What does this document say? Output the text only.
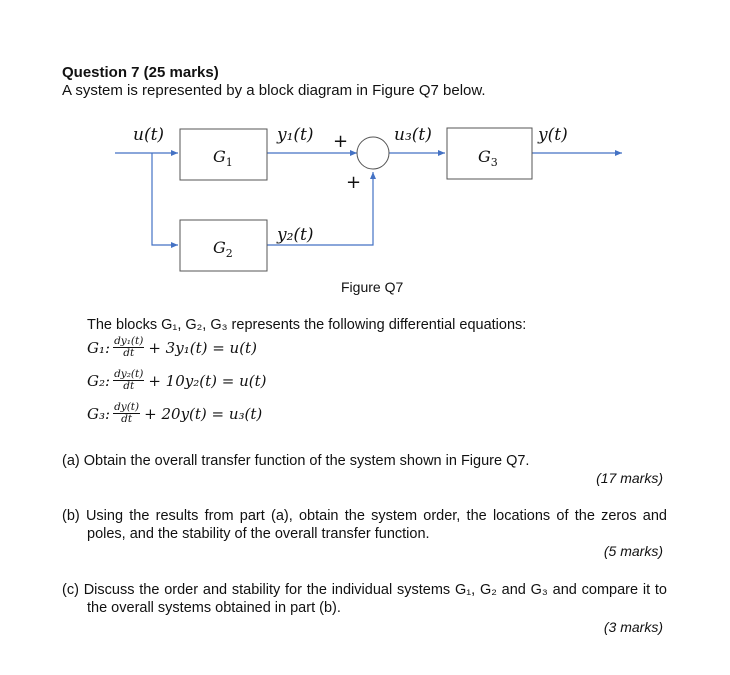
Question 7 (25 marks)
A system is represented by a block diagram in Figure Q7 below.
$G_1$
$G_2$
$G_3$
u(t)	y₁(t)
y₂(t)
u₃(t)	y(t)
+
+
Figure Q7
The blocks G₁, G₂, G₃ represents the following differential equations:
G₁: $\frac{\text{dy₁(t)}}{dt} + 3y_1(t) = u(t)$
G₂: $\frac{\text{dy₂(t)}}{dt} + 10y_2(t) = u(t)$
G₃: $\frac{dy(t)}{dt} + 20y(t) = u_3(t)$
(a) Obtain the overall transfer function of the system shown in Figure Q7.
(17 marks)
(b) Using the results from part (a), obtain the system order, the locations of the zeros and poles, and the stability of the overall transfer function.
(5 marks)
(c) Discuss the order and stability for the individual systems G₁, G₂ and G₃ and compare it to the overall systems obtained in part (b).
(3 marks)
